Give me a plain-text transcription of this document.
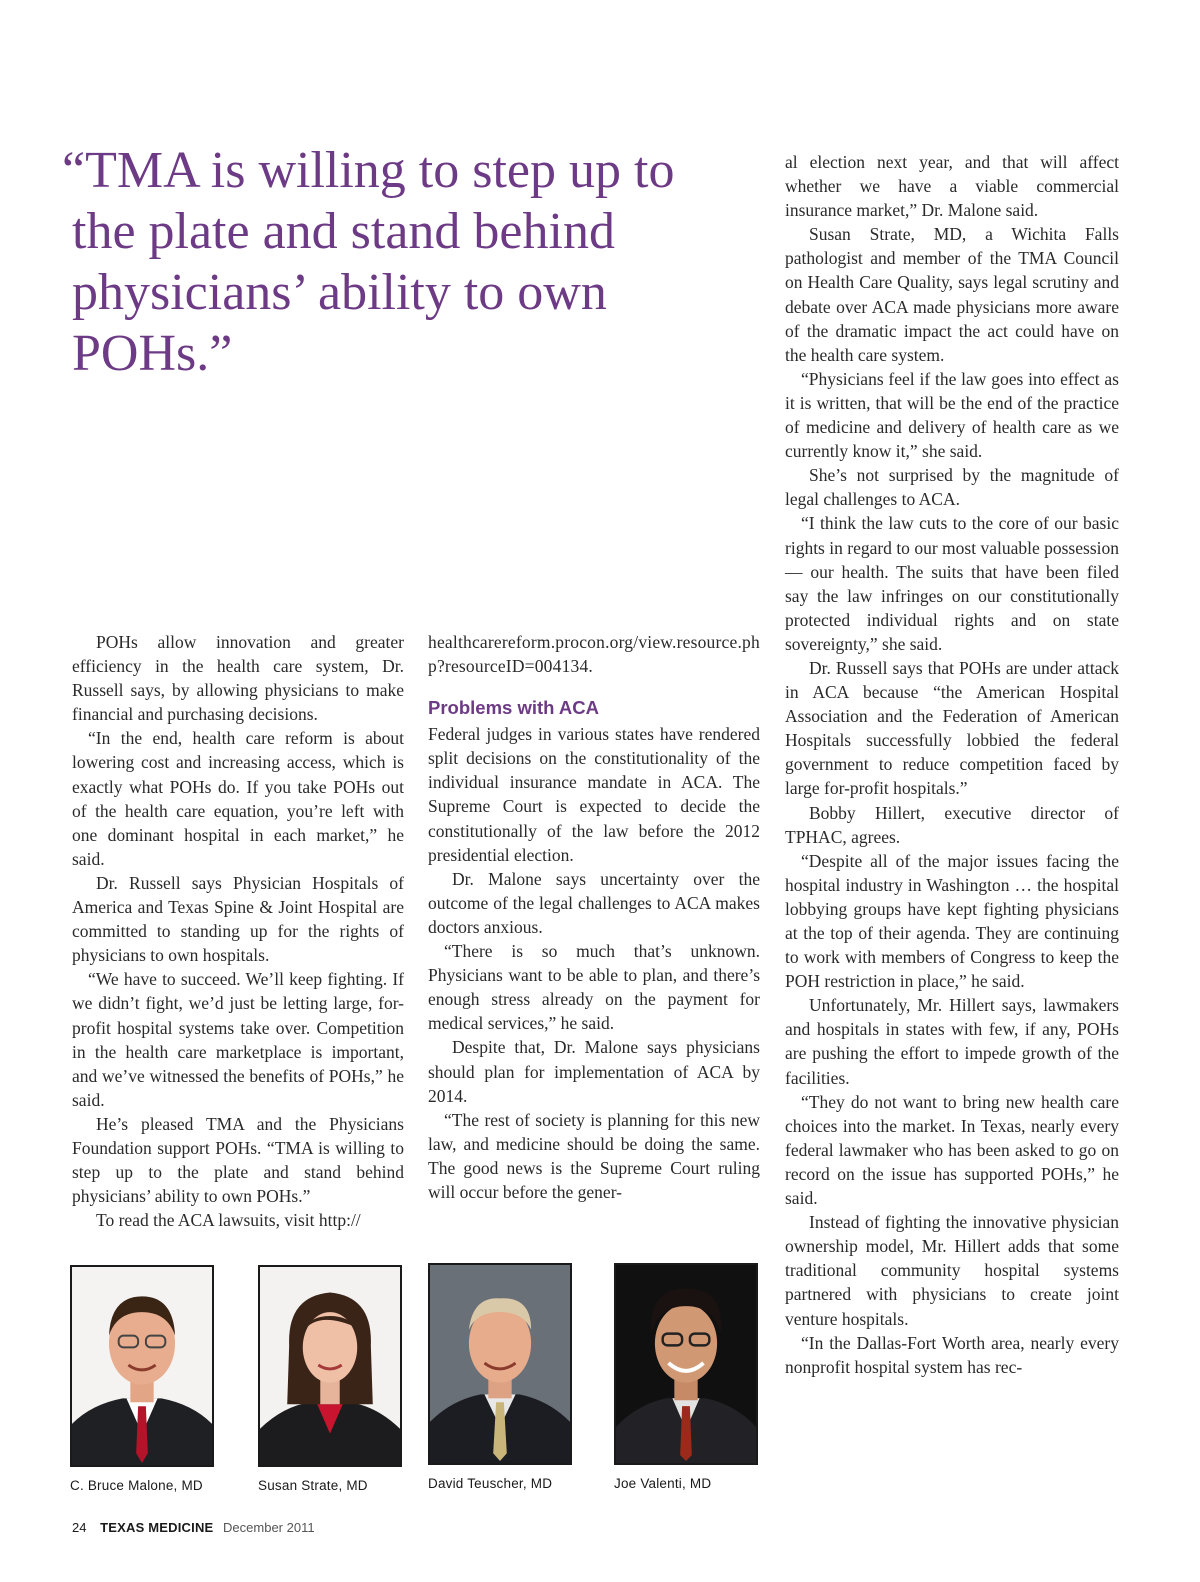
“TMA is willing to step up to
the plate and stand behind
physicians’ ability to own
POHs.”

POHs allow innovation and greater efficiency in the health care system, Dr. Russell says, by allowing physicians to make financial and purchasing decisions.

“In the end, health care reform is about lowering cost and increasing access, which is exactly what POHs do. If you take POHs out of the health care equation, you’re left with one dominant hospital in each market,” he said.

Dr. Russell says Physician Hospitals of America and Texas Spine & Joint Hospital are committed to standing up for the rights of physicians to own hospitals.

“We have to succeed. We’ll keep fighting. If we didn’t fight, we’d just be letting large, for-profit hospital systems take over. Competition in the health care marketplace is important, and we’ve witnessed the benefits of POHs,” he said.

He’s pleased TMA and the Physicians Foundation support POHs. “TMA is willing to step up to the plate and stand behind physicians’ ability to own POHs.”

To read the ACA lawsuits, visit http://

healthcarereform.procon.org/view.resource.php?resourceID=004134.

Problems with ACA

Federal judges in various states have rendered split decisions on the constitutionality of the individual insurance mandate in ACA. The Supreme Court is expected to decide the constitutionally of the law before the 2012 presidential election.

Dr. Malone says uncertainty over the outcome of the legal challenges to ACA makes doctors anxious.

“There is so much that’s unknown. Physicians want to be able to plan, and there’s enough stress already on the payment for medical services,” he said.

Despite that, Dr. Malone says physicians should plan for implementation of ACA by 2014.

“The rest of society is planning for this new law, and medicine should be doing the same. The good news is the Supreme Court ruling will occur before the gener-

al election next year, and that will affect whether we have a viable commercial insurance market,” Dr. Malone said.

Susan Strate, MD, a Wichita Falls pathologist and member of the TMA Council on Health Care Quality, says legal scrutiny and debate over ACA made physicians more aware of the dramatic impact the act could have on the health care system.

“Physicians feel if the law goes into effect as it is written, that will be the end of the practice of medicine and delivery of health care as we currently know it,” she said.

She’s not surprised by the magnitude of legal challenges to ACA.

“I think the law cuts to the core of our basic rights in regard to our most valuable possession — our health. The suits that have been filed say the law infringes on our constitutionally protected individual rights and on state sovereignty,” she said.

Dr. Russell says that POHs are under attack in ACA because “the American Hospital Association and the Federation of American Hospitals successfully lobbied the federal government to reduce competition faced by large for-profit hospitals.”

Bobby Hillert, executive director of TPHAC, agrees.

“Despite all of the major issues facing the hospital industry in Washington … the hospital lobbying groups have kept fighting physicians at the top of their agenda. They are continuing to work with members of Congress to keep the POH restriction in place,” he said.

Unfortunately, Mr. Hillert says, lawmakers and hospitals in states with few, if any, POHs are pushing the effort to impede growth of the facilities.

“They do not want to bring new health care choices into the market. In Texas, nearly every federal lawmaker who has been asked to go on record on the issue has supported POHs,” he said.

Instead of fighting the innovative physician ownership model, Mr. Hillert adds that some traditional community hospital systems partnered with physicians to create joint venture hospitals.

“In the Dallas-Fort Worth area, nearly every nonprofit hospital system has rec-

C. Bruce Malone, MD	Susan Strate, MD	David Teuscher, MD	Joe Valenti, MD
24 TEXAS MEDICINE December 2011
